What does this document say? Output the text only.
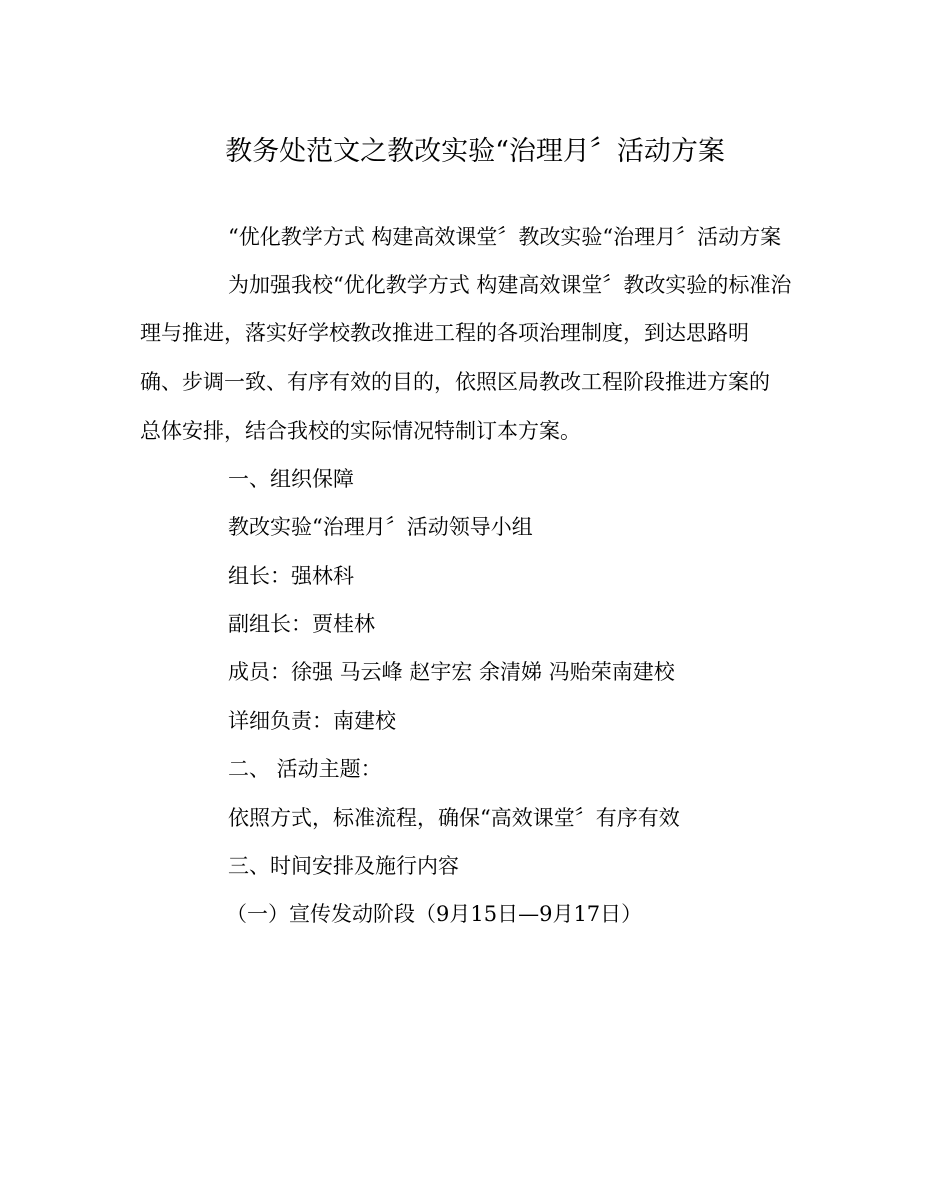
教务处范文之教改实验“治理月〞活动方案
“优化教学方式 构建高效课堂〞教改实验“治理月〞活动方案
为加强我校“优化教学方式 构建高效课堂〞教改实验的标准治
理与推进，落实好学校教改推进工程的各项治理制度，到达思路明
确、步调一致、有序有效的目的，依照区局教改工程阶段推进方案的
总体安排，结合我校的实际情况特制订本方案。
一、组织保障
教改实验“治理月〞活动领导小组
组长：强林科
副组长：贾桂林
成员：徐强 马云峰 赵宇宏 余清娣 冯贻荣南建校
详细负责：南建校
二、 活动主题：
依照方式，标准流程，确保“高效课堂〞有序有效
三、时间安排及施行内容
（一）宣传发动阶段（9月15日—9月17日）
